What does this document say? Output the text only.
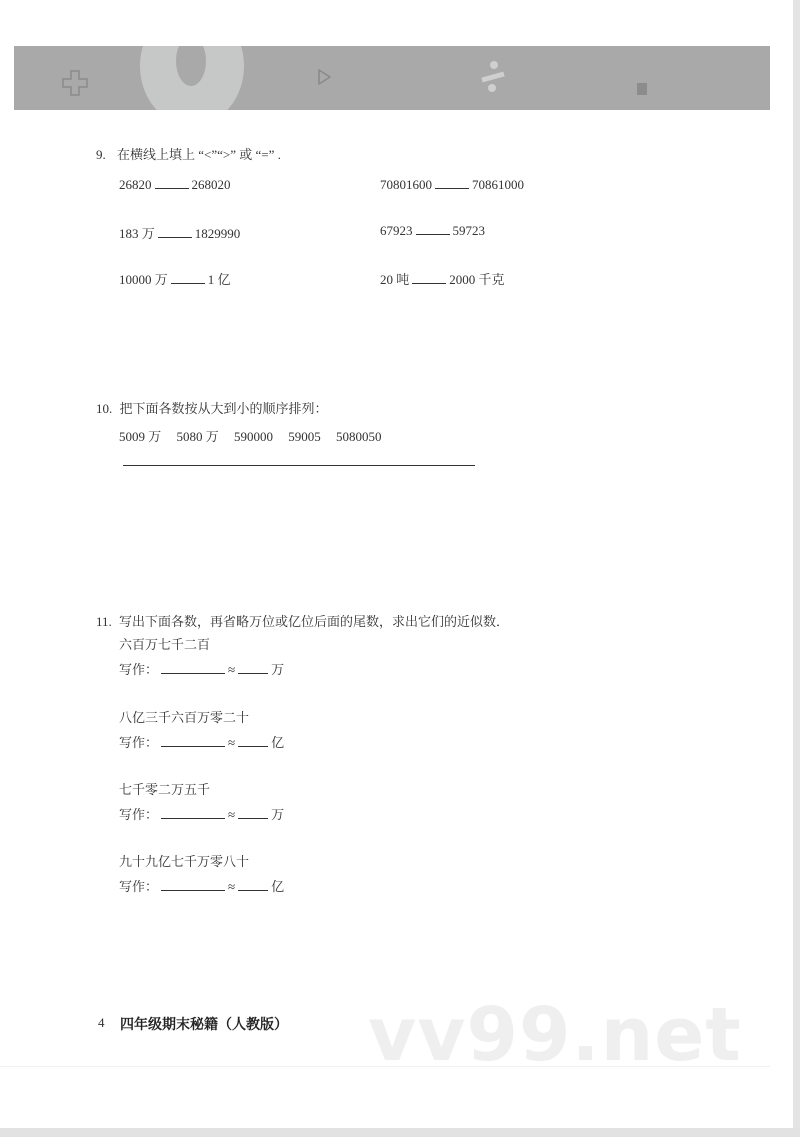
9. 在横线上填上 “<”“>” 或 “=” .
26820	268020	70801600	70861000
183 万	1829990	67923	59723
10000 万	1 亿	20 吨	2000 千克
10. 把下面各数按从大到小的顺序排列：
5009 万 5080 万 590000 59005 5080050
11. 写出下面各数，再省略万位或亿位后面的尾数，求出它们的近似数．
六百万七千二百
写作：	≈	万
八亿三千六百万零二十
写作：	≈	亿
七千零二万五千
写作：	≈	万
九十九亿七千万零八十
写作：	≈	亿
vv99.net
4 四年级期末秘籍（人教版）
